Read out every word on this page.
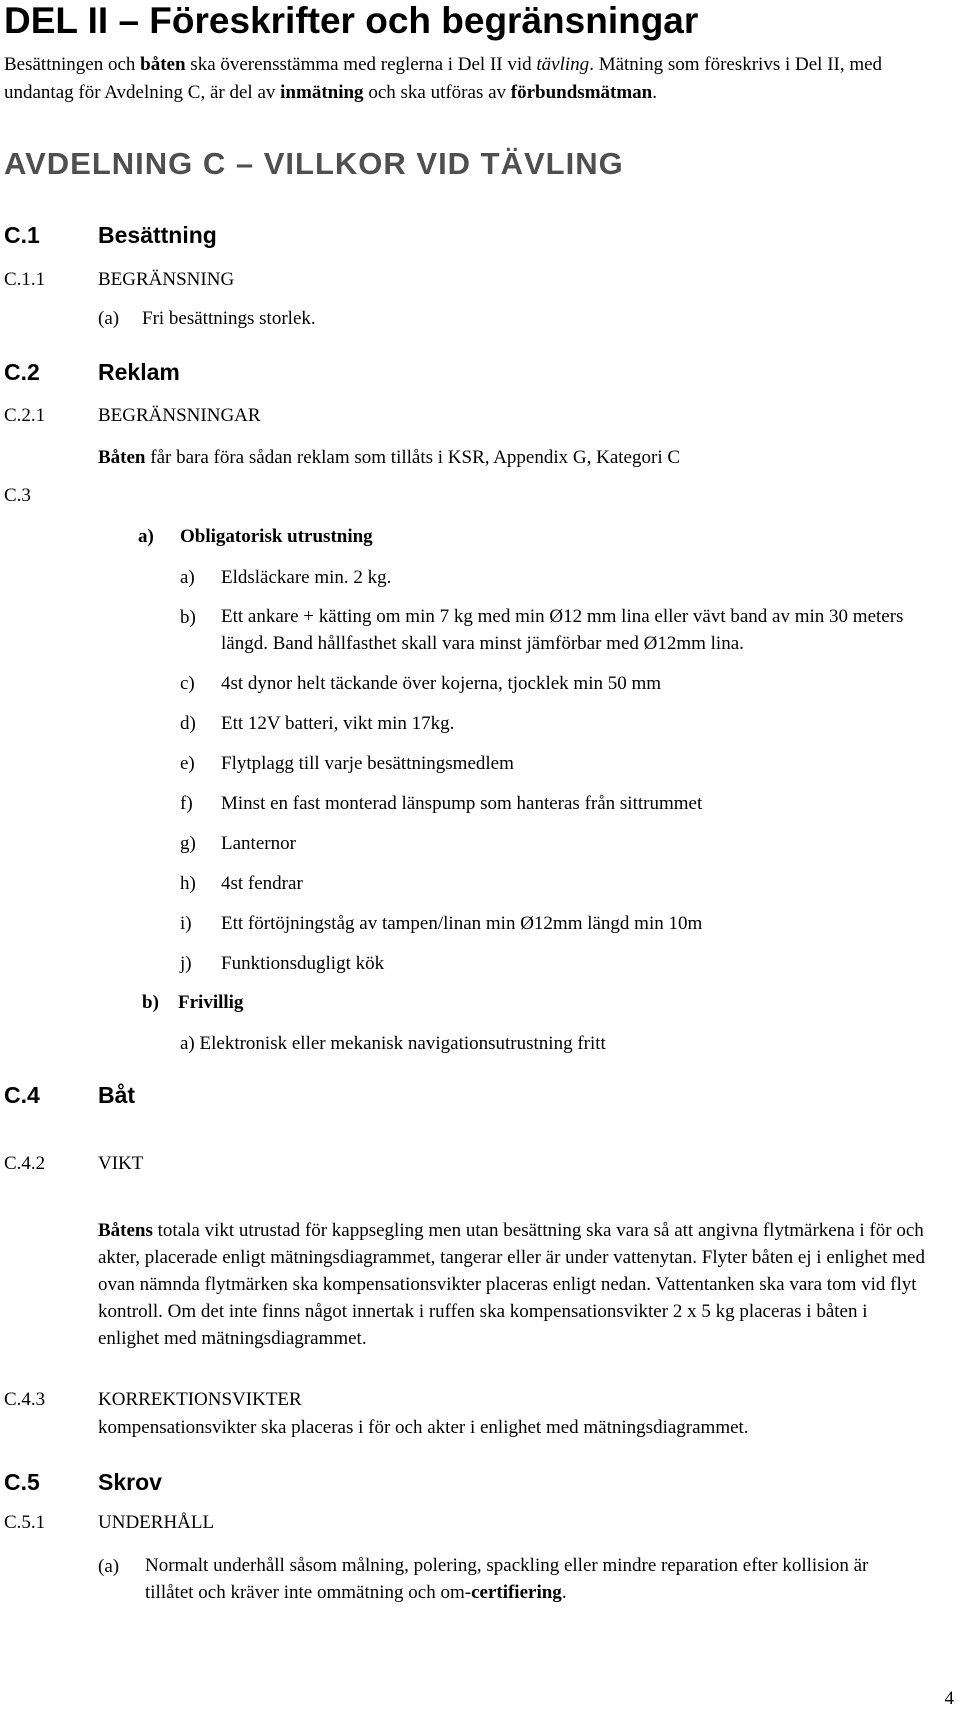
DEL II – Föreskrifter och begränsningar
Besättningen och båten ska överensstämma med reglerna i Del II vid tävling. Mätning som föreskrivs i Del II, med undantag för Avdelning C, är del av inmätning och ska utföras av förbundsmätman.
AVDELNING C – VILLKOR VID TÄVLING
C.1	Besättning
C.1.1	BEGRÄNSNING
(a) Fri besättnings storlek.
C.2	Reklam
C.2.1	BEGRÄNSNINGAR
Båten får bara föra sådan reklam som tillåts i KSR, Appendix G, Kategori C
C.3
a) Obligatorisk utrustning
a) Eldsläckare min. 2 kg.
b) Ett ankare + kätting om min 7 kg med min Ø12 mm lina eller vävt band av min 30 meters längd. Band hållfasthet skall vara minst jämförbar med Ø12mm lina.
c) 4st dynor helt täckande över kojerna, tjocklek min 50 mm
d) Ett 12V batteri, vikt min 17kg.
e) Flytplagg till varje besättningsmedlem
f) Minst en fast monterad länspump som hanteras från sittrummet
g) Lanternor
h) 4st fendrar
i) Ett förtöjningståg av tampen/linan min Ø12mm längd min 10m
j) Funktionsdugligt kök
b) Frivillig
a) Elektronisk eller mekanisk navigationsutrustning fritt
C.4	Båt
C.4.2	VIKT
Båtens totala vikt utrustad för kappsegling men utan besättning ska vara så att angivna flytmärkena i för och akter, placerade enligt mätningsdiagrammet, tangerar eller är under vattenytan. Flyter båten ej i enlighet med ovan nämnda flytmärken ska kompensationsvikter placeras enligt nedan. Vattentanken ska vara tom vid flyt kontroll. Om det inte finns något innertak i ruffen ska kompensationsvikter 2 x 5 kg placeras i båten i enlighet med mätningsdiagrammet.
C.4.3	KORREKTIONSVIKTER
kompensationsvikter ska placeras i för och akter i enlighet med mätningsdiagrammet.
C.5	Skrov
C.5.1	UNDERHÅLL
(a) Normalt underhåll såsom målning, polering, spackling eller mindre reparation efter kollision är tillåtet och kräver inte ommätning och om-certifiering.
4
